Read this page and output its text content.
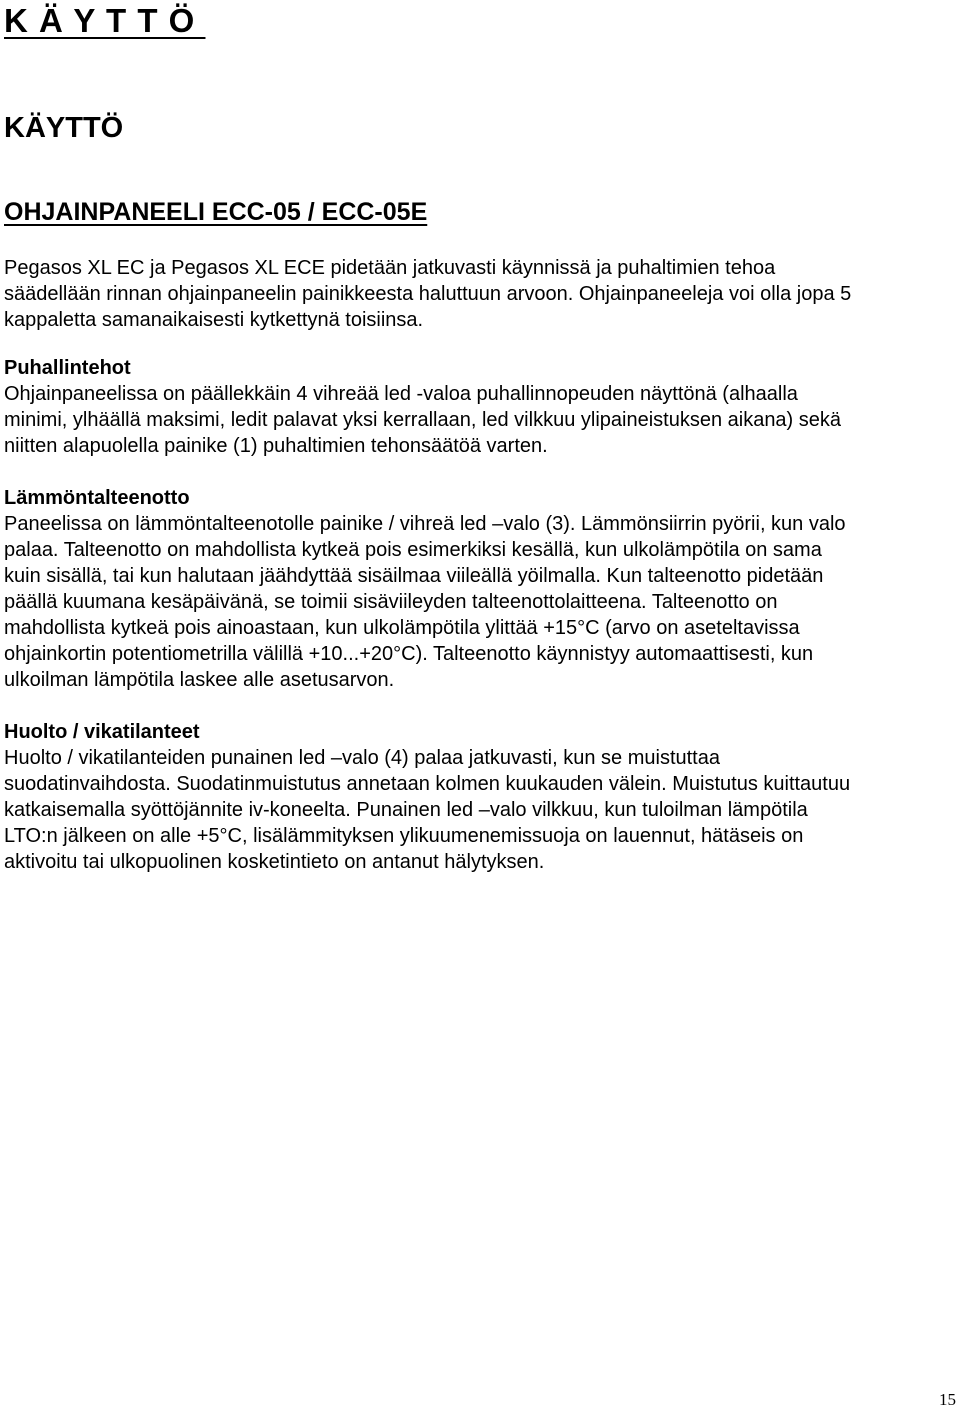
K Ä Y T T Ö
KÄYTTÖ
OHJAINPANEELI ECC-05 / ECC-05E
Pegasos XL EC ja Pegasos XL ECE pidetään jatkuvasti käynnissä ja puhaltimien tehoa
säädellään rinnan ohjainpaneelin painikkeesta haluttuun arvoon. Ohjainpaneeleja voi olla jopa 5
kappaletta samanaikaisesti kytkettynä toisiinsa.
Puhallintehot
Ohjainpaneelissa on päällekkäin 4 vihreää led -valoa puhallinnopeuden näyttönä (alhaalla
minimi, ylhäällä maksimi, ledit palavat yksi kerrallaan, led vilkkuu ylipaineistuksen aikana) sekä
niitten alapuolella painike (1) puhaltimien tehonsäätöä varten.
Lämmöntalteenotto
Paneelissa on lämmöntalteenotolle painike / vihreä led –valo (3). Lämmönsiirrin pyörii, kun valo
palaa. Talteenotto on mahdollista kytkeä pois esimerkiksi kesällä, kun ulkolämpötila on sama
kuin sisällä, tai kun halutaan jäähdyttää sisäilmaa viileällä yöilmalla. Kun talteenotto pidetään
päällä kuumana kesäpäivänä, se toimii sisäviileyden talteenottolaitteena. Talteenotto on
mahdollista kytkeä pois ainoastaan, kun ulkolämpötila ylittää +15°C (arvo on aseteltavissa
ohjainkortin potentiometrilla välillä +10...+20°C). Talteenotto käynnistyy automaattisesti, kun
ulkoilman lämpötila laskee alle asetusarvon.
Huolto / vikatilanteet
Huolto / vikatilanteiden punainen led –valo (4) palaa jatkuvasti, kun se muistuttaa
suodatinvaihdosta. Suodatinmuistutus annetaan kolmen kuukauden välein. Muistutus kuittautuu
katkaisemalla syöttöjännite iv-koneelta. Punainen led –valo vilkkuu, kun tuloilman lämpötila
LTO:n jälkeen on alle +5°C, lisälämmityksen ylikuumenemissuoja on lauennut, hätäseis on
aktivoitu tai ulkopuolinen kosketintieto on antanut hälytyksen.
15
